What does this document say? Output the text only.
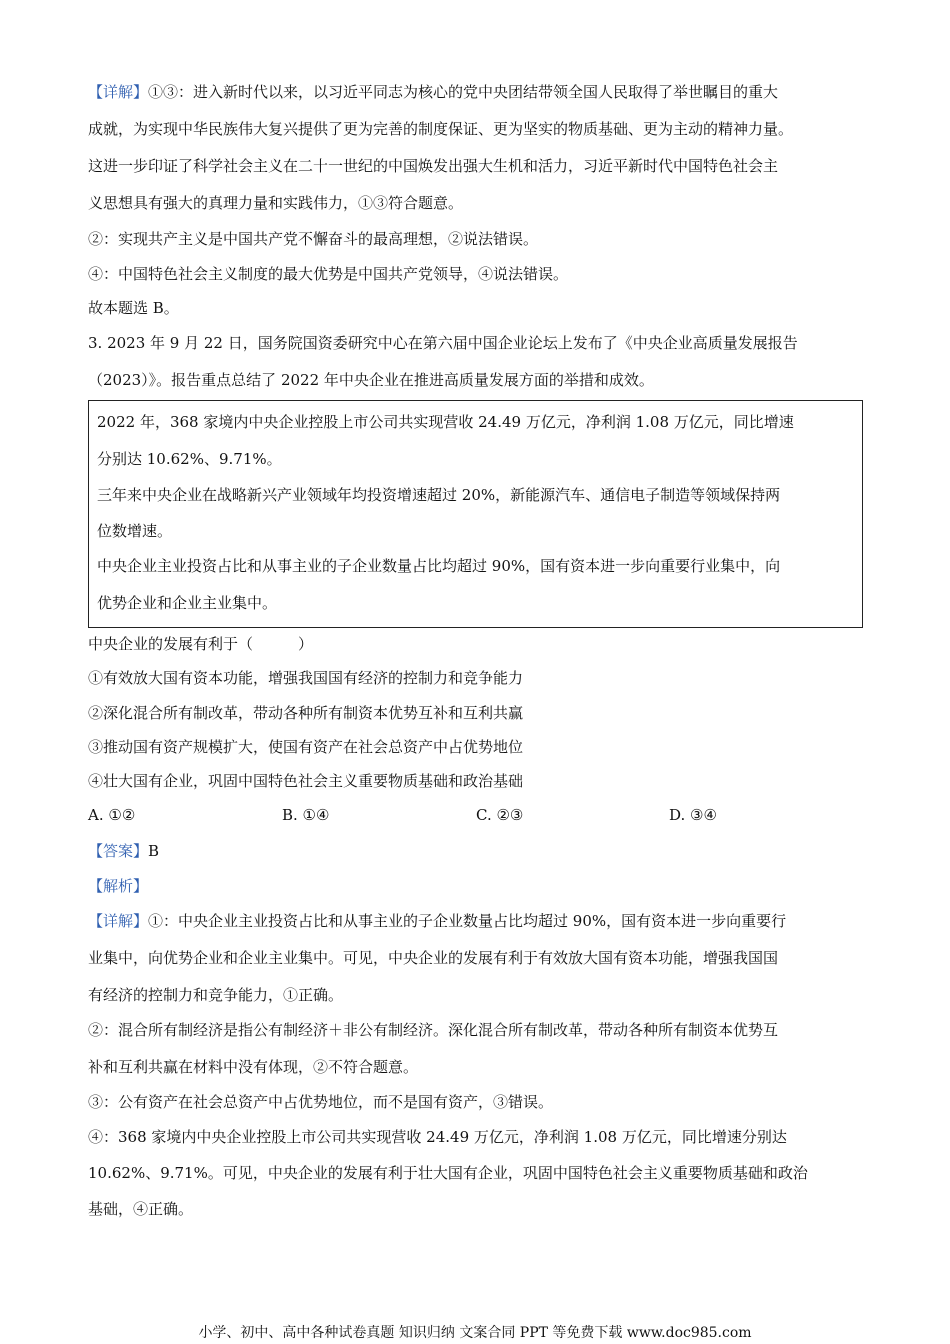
【详解】①③：进入新时代以来，以习近平同志为核心的党中央团结带领全国人民取得了举世瞩目的重大
成就，为实现中华民族伟大复兴提供了更为完善的制度保证、更为坚实的物质基础、更为主动的精神力量。
这进一步印证了科学社会主义在二十一世纪的中国焕发出强大生机和活力，习近平新时代中国特色社会主
义思想具有强大的真理力量和实践伟力，①③符合题意。
②：实现共产主义是中国共产党不懈奋斗的最高理想，②说法错误。
④：中国特色社会主义制度的最大优势是中国共产党领导，④说法错误。
故本题选 B。
3. 2023 年 9 月 22 日，国务院国资委研究中心在第六届中国企业论坛上发布了《中央企业高质量发展报告
（2023）》。报告重点总结了 2022 年中央企业在推进高质量发展方面的举措和成效。
2022 年，368 家境内中央企业控股上市公司共实现营收 24.49 万亿元，净利润 1.08 万亿元，同比增速
分别达 10.62%、9.71%。
三年来中央企业在战略新兴产业领域年均投资增速超过 20%，新能源汽车、通信电子制造等领域保持两
位数增速。
中央企业主业投资占比和从事主业的子企业数量占比均超过 90%，国有资本进一步向重要行业集中，向
优势企业和企业主业集中。
中央企业的发展有利于（　　　）
①有效放大国有资本功能，增强我国国有经济的控制力和竞争能力
②深化混合所有制改革，带动各种所有制资本优势互补和互利共赢
③推动国有资产规模扩大，使国有资产在社会总资产中占优势地位
④壮大国有企业，巩固中国特色社会主义重要物质基础和政治基础
A. ①②	B. ①④	C. ②③	D. ③④
【答案】B
【解析】
【详解】①：中央企业主业投资占比和从事主业的子企业数量占比均超过 90%，国有资本进一步向重要行
业集中，向优势企业和企业主业集中。可见，中央企业的发展有利于有效放大国有资本功能，增强我国国
有经济的控制力和竞争能力，①正确。
②：混合所有制经济是指公有制经济＋非公有制经济。深化混合所有制改革，带动各种所有制资本优势互
补和互利共赢在材料中没有体现，②不符合题意。
③：公有资产在社会总资产中占优势地位，而不是国有资产，③错误。
④：368 家境内中央企业控股上市公司共实现营收 24.49 万亿元，净利润 1.08 万亿元，同比增速分别达
10.62%、9.71%。可见，中央企业的发展有利于壮大国有企业，巩固中国特色社会主义重要物质基础和政治
基础，④正确。
小学、初中、高中各种试卷真题 知识归纳 文案合同 PPT 等免费下载 www.doc985.com
